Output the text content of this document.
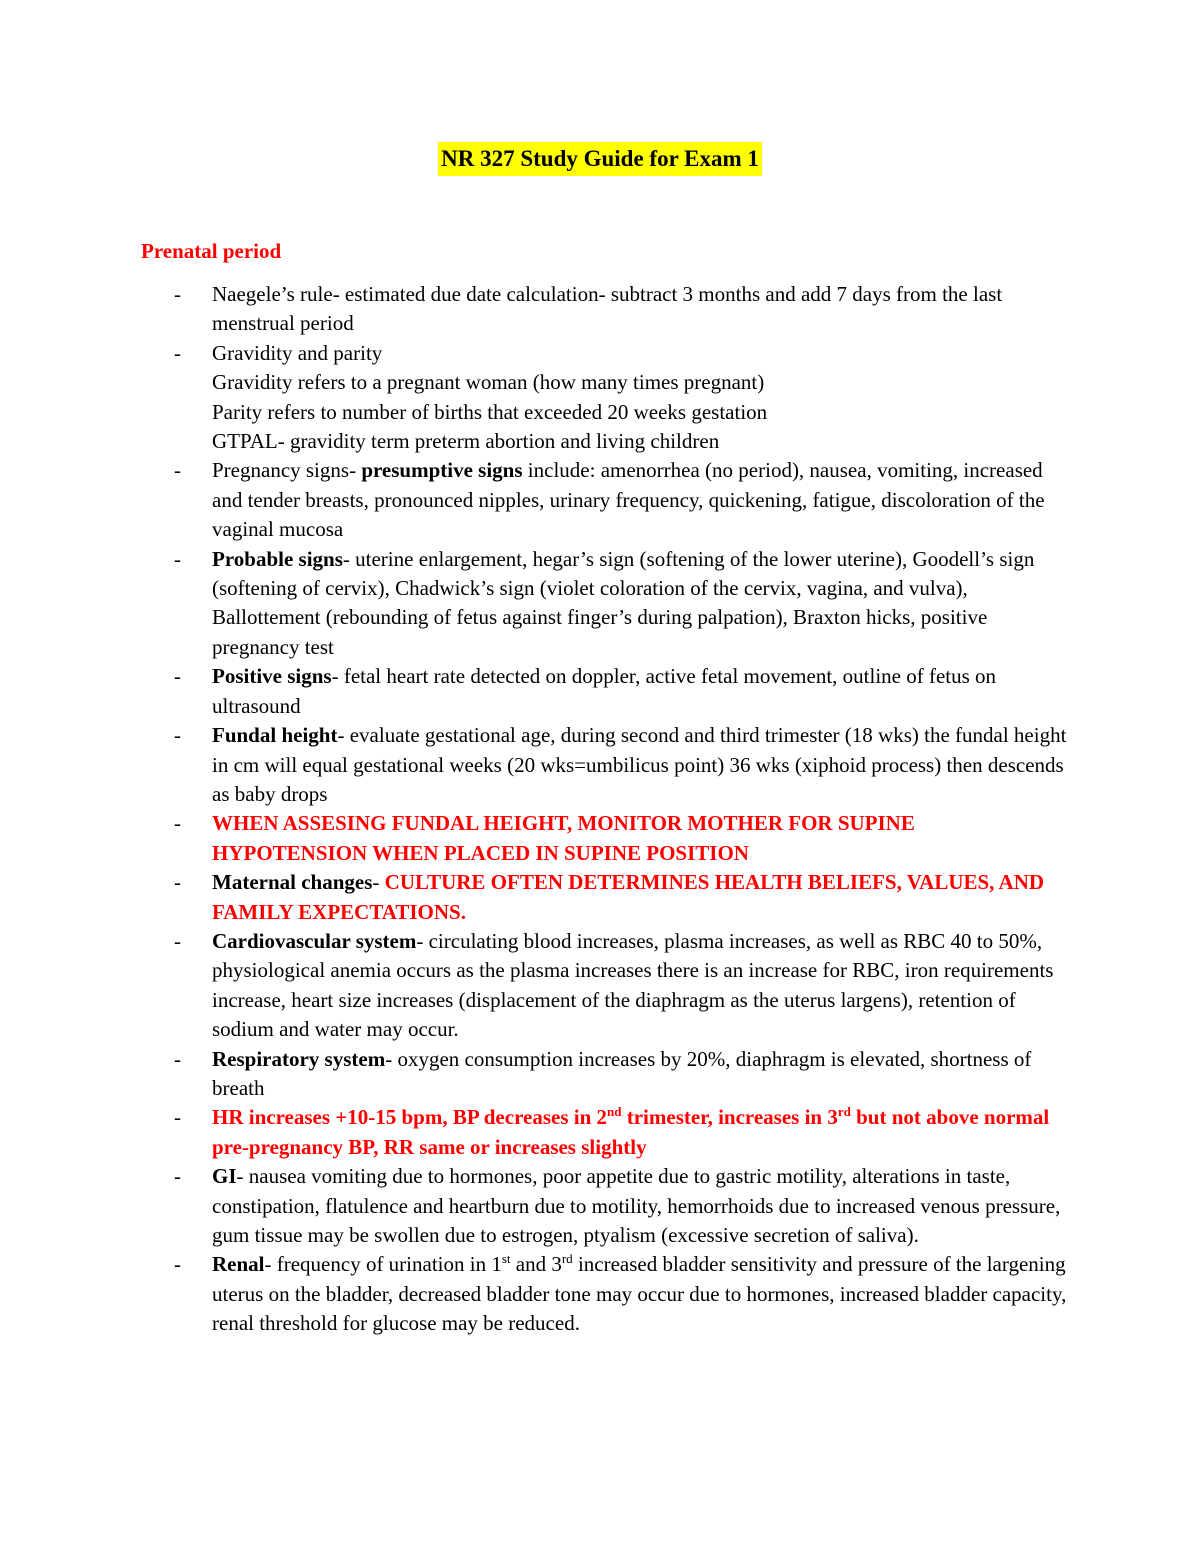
NR 327 Study Guide for Exam 1
Prenatal period
- Naegele’s rule- estimated due date calculation- subtract 3 months and add 7 days from the last menstrual period
- Gravidity and parity
Gravidity refers to a pregnant woman (how many times pregnant)
Parity refers to number of births that exceeded 20 weeks gestation
GTPAL- gravidity term preterm abortion and living children
- Pregnancy signs- presumptive signs include: amenorrhea (no period), nausea, vomiting, increased and tender breasts, pronounced nipples, urinary frequency, quickening, fatigue, discoloration of the vaginal mucosa
- Probable signs- uterine enlargement, hegar’s sign (softening of the lower uterine), Goodell’s sign (softening of cervix), Chadwick’s sign (violet coloration of the cervix, vagina, and vulva), Ballottement (rebounding of fetus against finger’s during palpation), Braxton hicks, positive pregnancy test
- Positive signs- fetal heart rate detected on doppler, active fetal movement, outline of fetus on ultrasound
- Fundal height- evaluate gestational age, during second and third trimester (18 wks) the fundal height in cm will equal gestational weeks (20 wks=umbilicus point) 36 wks (xiphoid process) then descends as baby drops
- WHEN ASSESING FUNDAL HEIGHT, MONITOR MOTHER FOR SUPINE HYPOTENSION WHEN PLACED IN SUPINE POSITION
- Maternal changes- CULTURE OFTEN DETERMINES HEALTH BELIEFS, VALUES, AND FAMILY EXPECTATIONS.
- Cardiovascular system- circulating blood increases, plasma increases, as well as RBC 40 to 50%, physiological anemia occurs as the plasma increases there is an increase for RBC, iron requirements increase, heart size increases (displacement of the diaphragm as the uterus largens), retention of sodium and water may occur.
- Respiratory system- oxygen consumption increases by 20%, diaphragm is elevated, shortness of breath
- HR increases +10-15 bpm, BP decreases in 2nd trimester, increases in 3rd but not above normal pre-pregnancy BP, RR same or increases slightly
- GI- nausea vomiting due to hormones, poor appetite due to gastric motility, alterations in taste, constipation, flatulence and heartburn due to motility, hemorrhoids due to increased venous pressure, gum tissue may be swollen due to estrogen, ptyalism (excessive secretion of saliva).
- Renal- frequency of urination in 1st and 3rd increased bladder sensitivity and pressure of the largening uterus on the bladder, decreased bladder tone may occur due to hormones, increased bladder capacity, renal threshold for glucose may be reduced.
